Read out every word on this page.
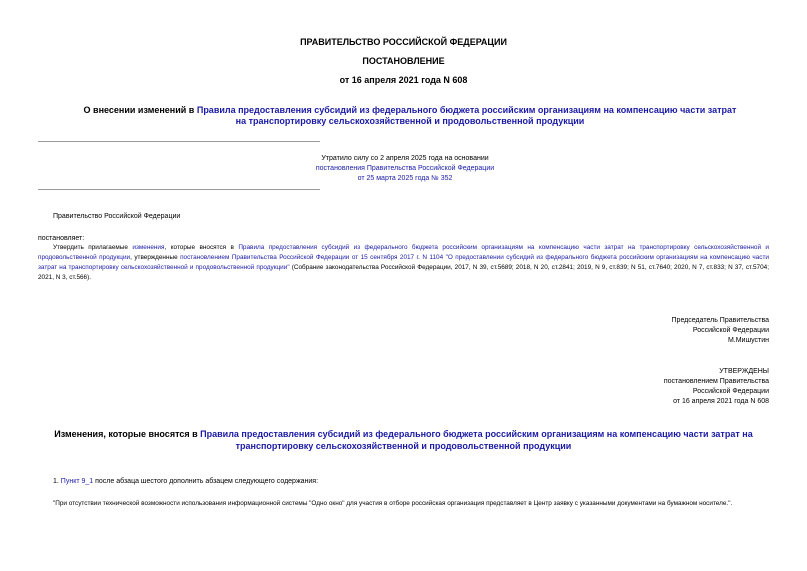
ПРАВИТЕЛЬСТВО РОССИЙСКОЙ ФЕДЕРАЦИИ
ПОСТАНОВЛЕНИЕ
от 16 апреля 2021 года N 608
О внесении изменений в Правила предоставления субсидий из федерального бюджета российским организациям на компенсацию части затрат на транспортировку сельскохозяйственной и продовольственной продукции
Утратило силу со 2 апреля 2025 года на основании
постановления Правительства Российской Федерации
от 25 марта 2025 года № 352
Правительство Российской Федерации
постановляет:
Утвердить прилагаемые изменения, которые вносятся в Правила предоставления субсидий из федерального бюджета российским организациям на компенсацию части затрат на транспортировку сельскохозяйственной и продовольственной продукции, утвержденные постановлением Правительства Российской Федерации от 15 сентября 2017 г. N 1104 "О предоставлении субсидий из федерального бюджета российским организациям на компенсацию части затрат на транспортировку сельскохозяйственной и продовольственной продукции" (Собрание законодательства Российской Федерации, 2017, N 39, ст.5689; 2018, N 20, ст.2841; 2019, N 9, ст.839; N 51, ст.7640; 2020, N 7, ст.833; N 37, ст.5704; 2021, N 3, ст.566).
Председатель Правительства
Российской Федерации
М.Мишустин
УТВЕРЖДЕНЫ
постановлением Правительства
Российской Федерации
от 16 апреля 2021 года N 608
Изменения, которые вносятся в Правила предоставления субсидий из федерального бюджета российским организациям на компенсацию части затрат на транспортировку сельскохозяйственной и продовольственной продукции
1. Пункт 9_1 после абзаца шестого дополнить абзацем следующего содержания:
"При отсутствии технической возможности использования информационной системы "Одно окно" для участия в отборе российская организация представляет в Центр заявку с указанными документами на бумажном носителе.".
